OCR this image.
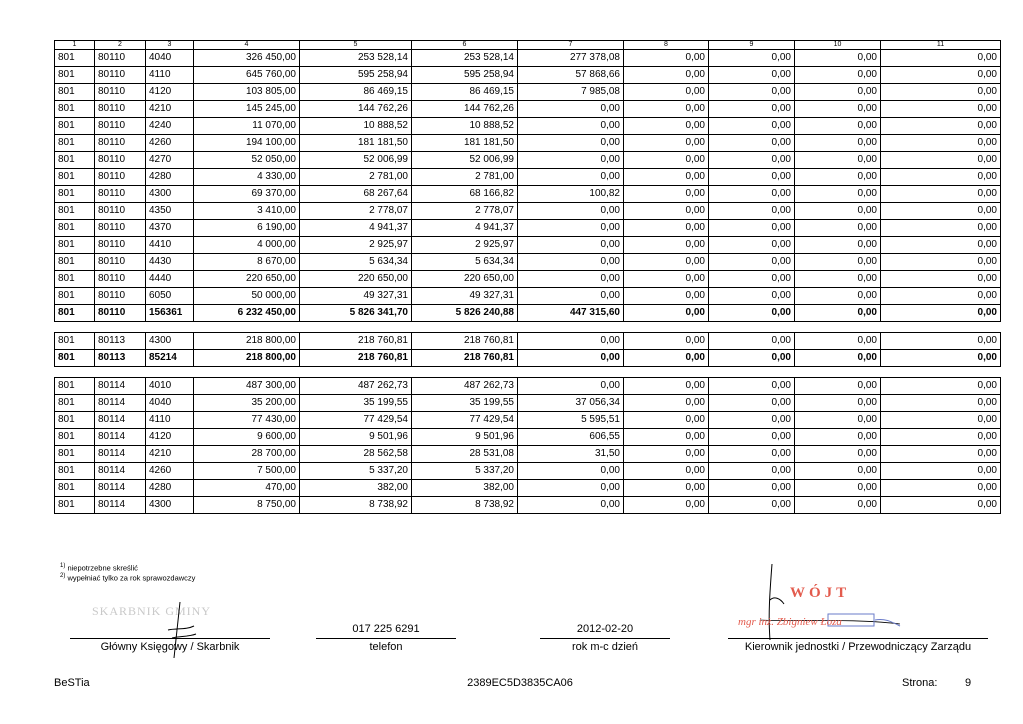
1	2	3	4	5	6	7	8	9	10	11
801	80110	4040	326 450,00	253 528,14	253 528,14	277 378,08	0,00	0,00	0,00	0,00
801	80110	4110	645 760,00	595 258,94	595 258,94	57 868,66	0,00	0,00	0,00	0,00
801	80110	4120	103 805,00	86 469,15	86 469,15	7 985,08	0,00	0,00	0,00	0,00
801	80110	4210	145 245,00	144 762,26	144 762,26	0,00	0,00	0,00	0,00	0,00
801	80110	4240	11 070,00	10 888,52	10 888,52	0,00	0,00	0,00	0,00	0,00
801	80110	4260	194 100,00	181 181,50	181 181,50	0,00	0,00	0,00	0,00	0,00
801	80110	4270	52 050,00	52 006,99	52 006,99	0,00	0,00	0,00	0,00	0,00
801	80110	4280	4 330,00	2 781,00	2 781,00	0,00	0,00	0,00	0,00	0,00
801	80110	4300	69 370,00	68 267,64	68 166,82	100,82	0,00	0,00	0,00	0,00
801	80110	4350	3 410,00	2 778,07	2 778,07	0,00	0,00	0,00	0,00	0,00
801	80110	4370	6 190,00	4 941,37	4 941,37	0,00	0,00	0,00	0,00	0,00
801	80110	4410	4 000,00	2 925,97	2 925,97	0,00	0,00	0,00	0,00	0,00
801	80110	4430	8 670,00	5 634,34	5 634,34	0,00	0,00	0,00	0,00	0,00
801	80110	4440	220 650,00	220 650,00	220 650,00	0,00	0,00	0,00	0,00	0,00
801	80110	6050	50 000,00	49 327,31	49 327,31	0,00	0,00	0,00	0,00	0,00
801	80110	156361	6 232 450,00	5 826 341,70	5 826 240,88	447 315,60	0,00	0,00	0,00	0,00

801	80113	4300	218 800,00	218 760,81	218 760,81	0,00	0,00	0,00	0,00	0,00
801	80113	85214	218 800,00	218 760,81	218 760,81	0,00	0,00	0,00	0,00	0,00

801	80114	4010	487 300,00	487 262,73	487 262,73	0,00	0,00	0,00	0,00	0,00
801	80114	4040	35 200,00	35 199,55	35 199,55	37 056,34	0,00	0,00	0,00	0,00
801	80114	4110	77 430,00	77 429,54	77 429,54	5 595,51	0,00	0,00	0,00	0,00
801	80114	4120	9 600,00	9 501,96	9 501,96	606,55	0,00	0,00	0,00	0,00
801	80114	4210	28 700,00	28 562,58	28 531,08	31,50	0,00	0,00	0,00	0,00
801	80114	4260	7 500,00	5 337,20	5 337,20	0,00	0,00	0,00	0,00	0,00
801	80114	4280	470,00	382,00	382,00	0,00	0,00	0,00	0,00	0,00
801	80114	4300	8 750,00	8 738,92	8 738,92	0,00	0,00	0,00	0,00	0,00
$^{1)}$ niepotrzebne skreślić
$^{2)}$ wypełniać tylko za rok sprawozdawczy
SKARBNIK GMINY
Główny Księgowy / Skarbnik
017 225 6291
telefon
2012-02-20
rok m-c dzień
WÓJT
mgr inż. Zbigniew Łoza
Kierownik jednostki / Przewodniczący Zarządu
BeSTia	2389EC5D3835CA06	Strona:	9
